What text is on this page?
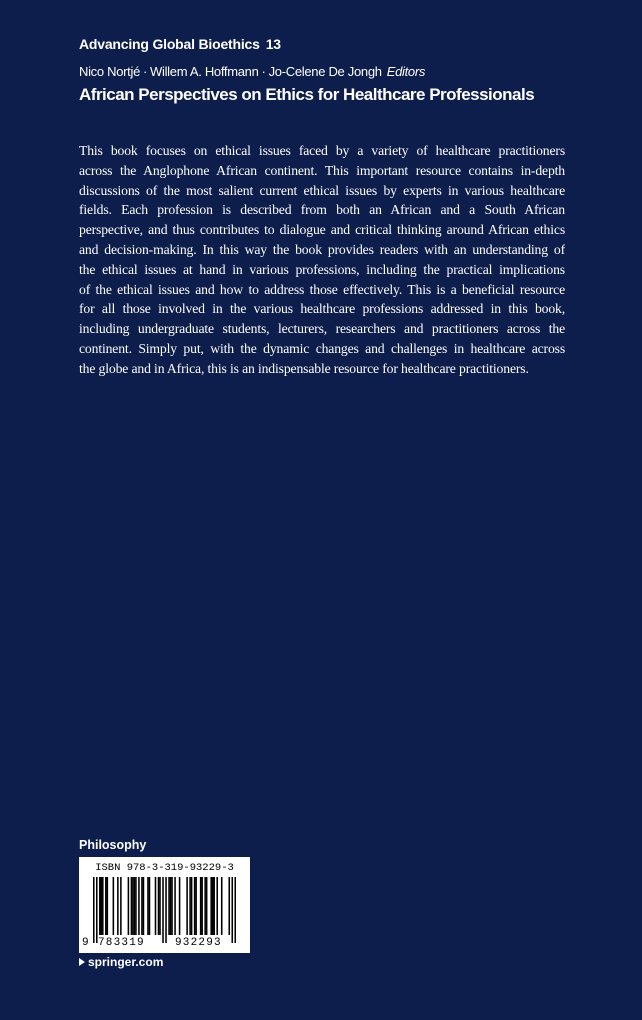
Advancing Global Bioethics 13
Nico Nortjé · Willem A. Hoffmann · Jo-Celene De Jongh Editors
African Perspectives on Ethics for Healthcare Professionals
This book focuses on ethical issues faced by a variety of healthcare practitioners
across the Anglophone African continent. This important resource contains in-depth
discussions of the most salient current ethical issues by experts in various healthcare
fields. Each profession is described from both an African and a South African
perspective, and thus contributes to dialogue and critical thinking around African ethics
and decision-making. In this way the book provides readers with an understanding of
the ethical issues at hand in various professions, including the practical implications
of the ethical issues and how to address those effectively. This is a beneficial resource
for all those involved in the various healthcare professions addressed in this book,
including undergraduate students, lecturers, researchers and practitioners across the
continent. Simply put, with the dynamic changes and challenges in healthcare across
the globe and in Africa, this is an indispensable resource for healthcare practitioners.
Philosophy
ISBN 978-3-319-93229-3
9 783319	932293
springer.com
